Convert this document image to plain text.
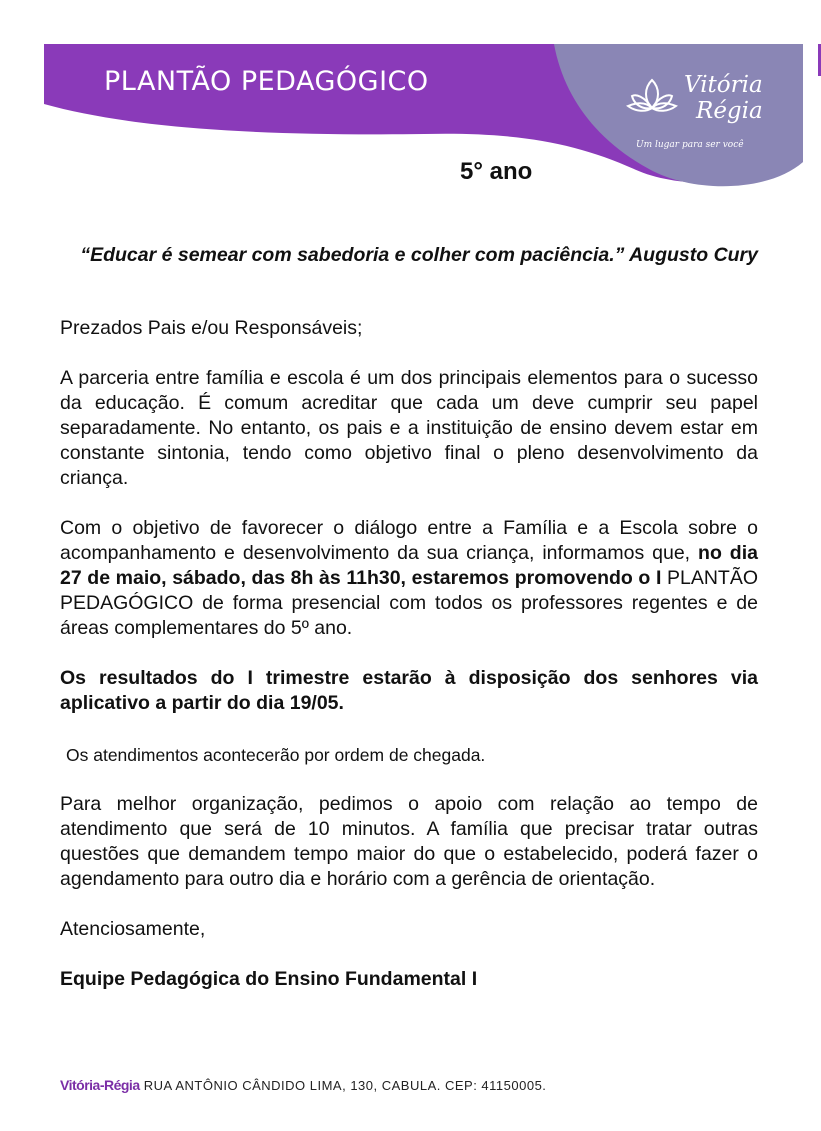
PLANTÃO PEDAGÓGICO	Vitória
Régia
Um lugar para ser você
5° ano
“Educar é semear com sabedoria e colher com paciência.” Augusto Cury

Prezados Pais e/ou Responsáveis;

A parceria entre família e escola é um dos principais elementos para o sucesso da educação. É comum acreditar que cada um deve cumprir seu papel separadamente. No entanto, os pais e a instituição de ensino devem estar em constante sintonia, tendo como objetivo final o pleno desenvolvimento da criança.

Com o objetivo de favorecer o diálogo entre a Família e a Escola sobre o acompanhamento e desenvolvimento da sua criança, informamos que, no dia 27 de maio, sábado, das 8h às 11h30, estaremos promovendo o I PLANTÃO PEDAGÓGICO de forma presencial com todos os professores regentes e de áreas complementares do 5º ano.

Os resultados do I trimestre estarão à disposição dos senhores via aplicativo a partir do dia 19/05.

Os atendimentos acontecerão por ordem de chegada.

Para melhor organização, pedimos o apoio com relação ao tempo de atendimento que será de 10 minutos. A família que precisar tratar outras questões que demandem tempo maior do que o estabelecido, poderá fazer o agendamento para outro dia e horário com a gerência de orientação.

Atenciosamente,

Equipe Pedagógica do Ensino Fundamental I

Vitória-Régia RUA ANTÔNIO CÂNDIDO LIMA, 130, CABULA. CEP: 41150005.
